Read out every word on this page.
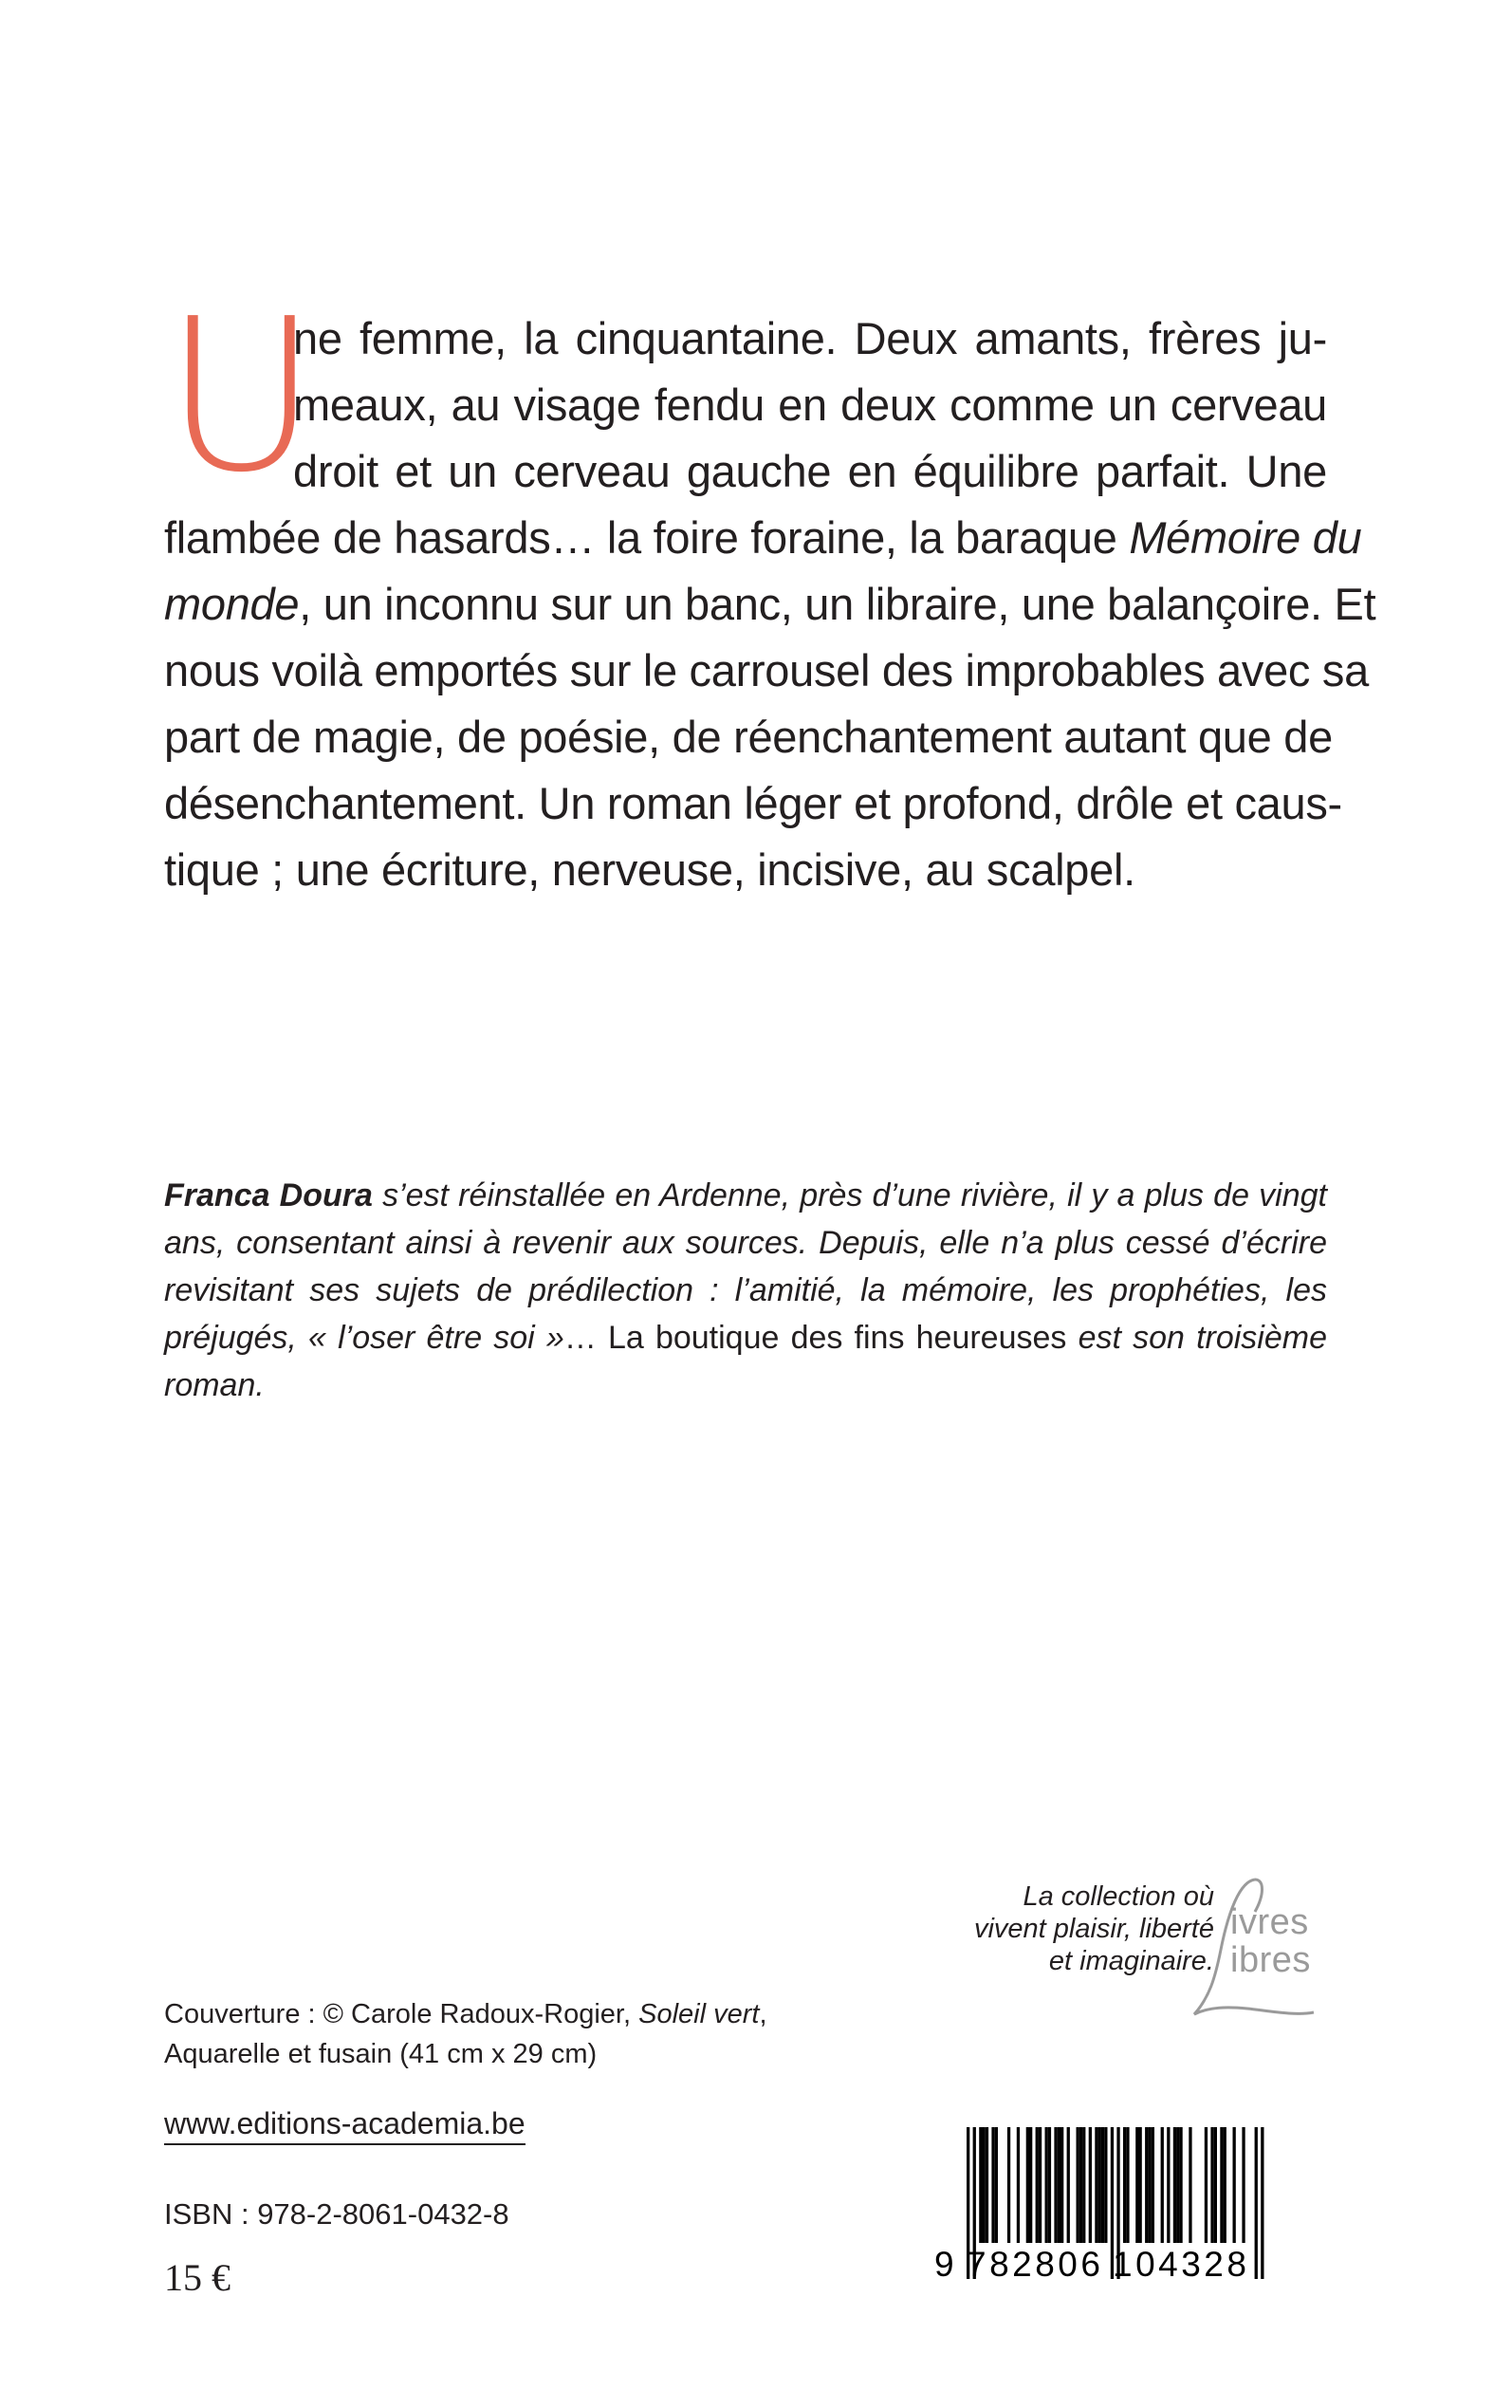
U
ne femme, la cinquantaine. Deux amants, frères ju-
meaux, au visage fendu en deux comme un cerveau
droit et un cerveau gauche en équilibre parfait. Une
flambée de hasards… la foire foraine, la baraque Mémoire du
monde, un inconnu sur un banc, un libraire, une balançoire. Et
nous voilà emportés sur le carrousel des improbables avec sa
part de magie, de poésie, de réenchantement autant que de
désenchantement. Un roman léger et profond, drôle et caus-
tique ; une écriture, nerveuse, incisive, au scalpel.
Franca Doura s’est réinstallée en Ardenne, près d’une rivière, il y a plus de vingt
ans, consentant ainsi à revenir aux sources. Depuis, elle n’a plus cessé d’écrire
revisitant ses sujets de prédilection : l’amitié, la mémoire, les prophéties, les
préjugés, « l’oser être soi »… La boutique des fins heureuses est son troisième
roman.
La collection où
vivent plaisir, liberté
et imaginaire.
ivres
ibres
Couverture : © Carole Radoux-Rogier, Soleil vert,
Aquarelle et fusain (41 cm x 29 cm)
www.editions-academia.be
ISBN : 978-2-8061-0432-8
15 €	9 782806 104328
